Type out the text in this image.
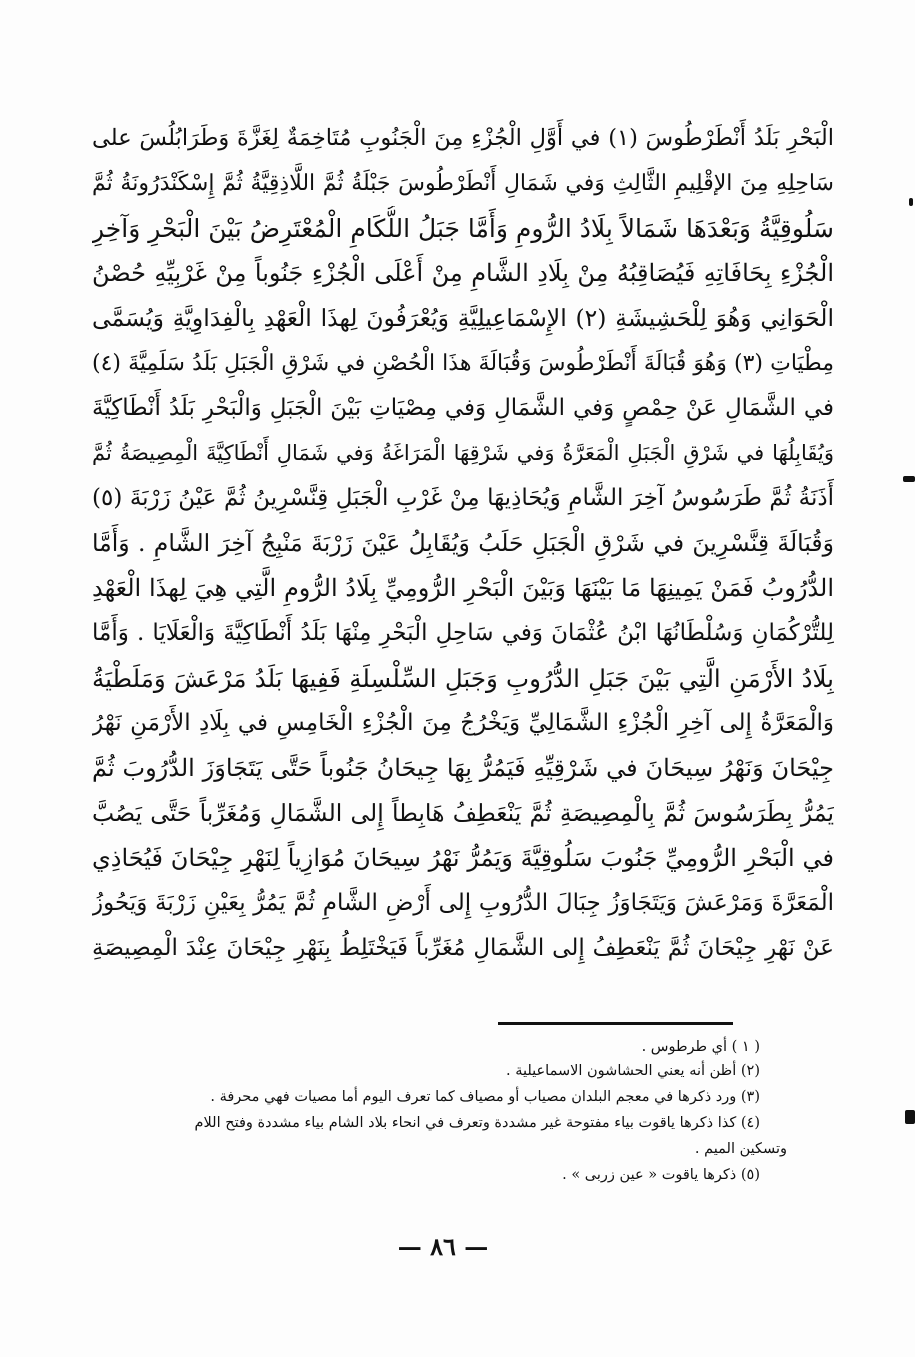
الْبَحْرِ بَلَدُ أَنْطَرْطُوسَ (١) في أَوَّلِ الْجُزْءِ مِنَ الْجَنُوبِ مُتَاخِمَةٌ لِغَزَّةَ وَطَرَابُلُسَ على
سَاحِلِهِ مِنَ الإقْلِيمِ الثَّالِثِ وَفي شَمَالِ أَنْطَرْطُوسَ جَبْلَةُ ثُمَّ اللَّاذِقِيَّةُ ثُمَّ إِسْكَنْدَرُونَةُ ثُمَّ
سَلُوقِيَّةُ وَبَعْدَهَا شَمَالاً بِلَادُ الرُّومِ وَأَمَّا جَبَلُ اللُّكَامِ الْمُعْتَرِضُ بَيْنَ الْبَحْرِ وَآخِرِ
الْجُزْءِ بِحَافَاتِهِ فَيُصَاقِبُهُ مِنْ بِلَادِ الشَّامِ مِنْ أَعْلَى الْجُزْءِ جَنُوباً مِنْ غَرْبِيِّهِ حُصْنُ
الْحَوَانِي وَهُوَ لِلْحَشِيشَةِ (٢) الإِسْمَاعِيلِيَّةِ وَيُعْرَفُونَ لِهذَا الْعَهْدِ بِالْفِدَاوِيَّةِ وَيُسَمَّى
مِطْيَاتِ (٣) وَهُوَ قُبَالَةَ أَنْطَرْطُوسَ وَقُبَالَةَ هذَا الْحُصْنِ في شَرْقِ الْجَبَلِ بَلَدُ سَلَمِيَّةَ (٤)
في الشَّمَالِ عَنْ حِمْصٍ وَفي الشَّمَالِ وَفي مِصْيَاتِ بَيْنَ الْجَبَلِ وَالْبَحْرِ بَلَدُ أَنْطَاكِيَّةَ
وَيُقَابِلُهَا في شَرْقِ الْجَبَلِ الْمَعَرَّةُ وَفي شَرْقِهَا الْمَرَاغَةُ وَفي شَمَالِ أَنْطَاكِيَّةَ الْمِصِيصَةُ ثُمَّ
أَذَنَةُ ثُمَّ طَرَسُوسُ آخِرَ الشَّامِ وَيُحَاذِيهَا مِنْ غَرْبِ الْجَبَلِ قِنَّسْرِينُ ثُمَّ عَيْنُ زَرْبَةَ (٥)
وَقُبَالَةَ قِنَّسْرِينَ في شَرْقِ الْجَبَلِ حَلَبُ وَيُقَابِلُ عَيْنَ زَرْبَةَ مَنْبِجُ آخِرَ الشَّامِ . وَأَمَّا
الدُّرُوبُ فَمَنْ يَمِينِهَا مَا بَيْنَهَا وَبَيْنَ الْبَحْرِ الرُّومِيِّ بِلَادُ الرُّومِ الَّتِي هِيَ لِهذَا الْعَهْدِ
لِلتُّرْكُمَانِ وَسُلْطَانُهَا ابْنُ عُثْمَانَ وَفي سَاحِلِ الْبَحْرِ مِنْهَا بَلَدُ أَنْطَاكِيَّةَ وَالْعَلَايَا . وَأَمَّا
بِلَادُ الأَرْمَنِ الَّتِي بَيْنَ جَبَلِ الدُّرُوبِ وَجَبَلِ السِّلْسِلَةِ فَفِيهَا بَلَدُ مَرْعَشَ وَمَلَطْيَةُ
وَالْمَعَرَّةُ إِلى آخِرِ الْجُزْءِ الشَّمَالِيِّ وَيَخْرُجُ مِنَ الْجُزْءِ الْخَامِسِ في بِلَادِ الأَرْمَنِ نَهْرُ
جِيْحَانَ وَنَهْرُ سِيحَانَ في شَرْقِيِّهِ فَيَمُرُّ بِهَا جِيحَانُ جَنُوباً حَتَّى يَتَجَاوَزَ الدُّرُوبَ ثُمَّ
يَمُرُّ بِطَرَسُوسَ ثُمَّ بِالْمِصِيصَةِ ثُمَّ يَنْعَطِفُ هَابِطاً إِلى الشَّمَالِ وَمُغَرِّباً حَتَّى يَصُبَّ
في الْبَحْرِ الرُّومِيِّ جَنُوبَ سَلُوقِيَّةَ وَيَمُرُّ نَهْرُ سِيحَانَ مُوَازِياً لِنَهْرِ جِيْحَانَ فَيُحَاذِي
الْمَعَرَّةَ وَمَرْعَشَ وَيَتَجَاوَزُ جِبَالَ الدُّرُوبِ إِلى أَرْضِ الشَّامِ ثُمَّ يَمُرُّ بِعَيْنِ زَرْبَةَ وَيَحُوزُ
عَنْ نَهْرِ جِيْحَانَ ثُمَّ يَنْعَطِفُ إِلى الشَّمَالِ مُغَرِّباً فَيَخْتَلِطُ بِنَهْرِ جِيْحَانَ عِنْدَ الْمِصِيصَةِ
( ١ ) أي طرطوس .
(٢) أظن أنه يعني الحشاشون الاسماعيلية .
(٣) ورد ذكرها في معجم البلدان مصياب أو مصياف كما تعرف اليوم أما مصيات فهي محرفة .
(٤) كذا ذكرها ياقوت بياء مفتوحة غير مشددة وتعرف في انحاء بلاد الشام بياء مشددة وفتح اللام
وتسكين الميم .
(٥) ذكرها ياقوت « عين زربى » .
— ٨٦ —
